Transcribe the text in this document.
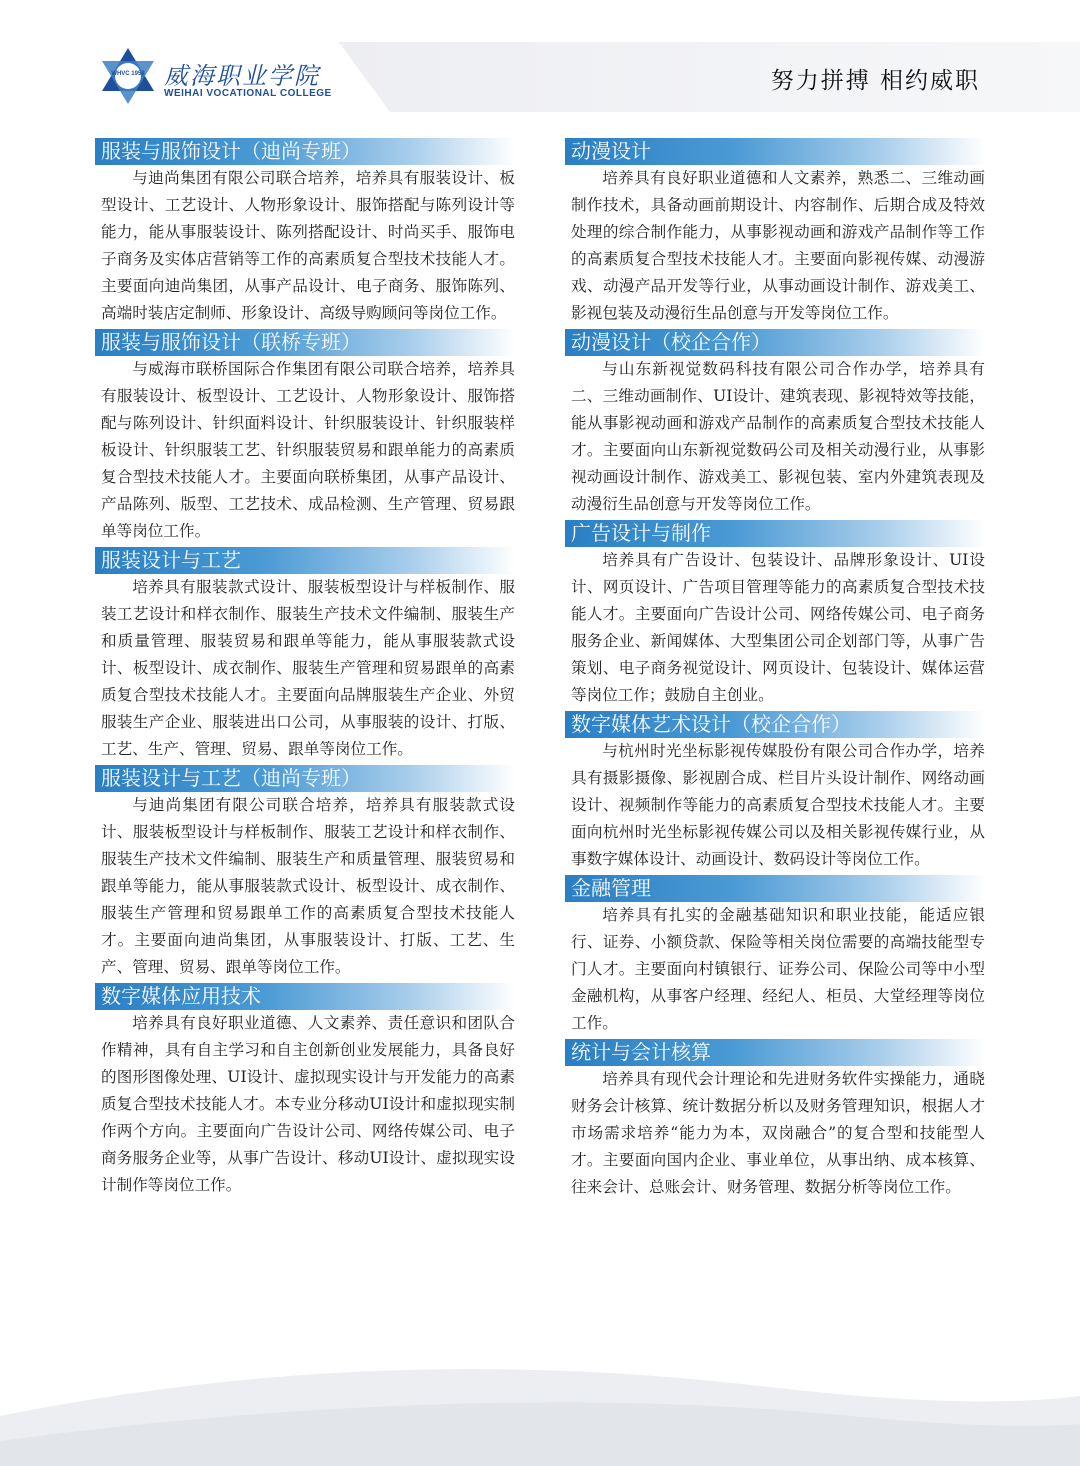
WHVC 1958 威海职业学院
WEIHAI VOCATIONAL COLLEGE	努力拼搏 相约威职
服装与服饰设计（迪尚专班）
与迪尚集团有限公司联合培养，培养具有服装设计、板型设计、工艺设计、人物形象设计、服饰搭配与陈列设计等能力，能从事服装设计、陈列搭配设计、时尚买手、服饰电子商务及实体店营销等工作的高素质复合型技术技能人才。主要面向迪尚集团，从事产品设计、电子商务、服饰陈列、高端时装店定制师、形象设计、高级导购顾问等岗位工作。
服装与服饰设计（联桥专班）
与威海市联桥国际合作集团有限公司联合培养，培养具有服装设计、板型设计、工艺设计、人物形象设计、服饰搭配与陈列设计、针织面料设计、针织服装设计、针织服装样板设计、针织服装工艺、针织服装贸易和跟单能力的高素质复合型技术技能人才。主要面向联桥集团，从事产品设计、产品陈列、版型、工艺技术、成品检测、生产管理、贸易跟单等岗位工作。
服装设计与工艺
培养具有服装款式设计、服装板型设计与样板制作、服装工艺设计和样衣制作、服装生产技术文件编制、服装生产和质量管理、服装贸易和跟单等能力，能从事服装款式设计、板型设计、成衣制作、服装生产管理和贸易跟单的高素质复合型技术技能人才。主要面向品牌服装生产企业、外贸服装生产企业、服装进出口公司，从事服装的设计、打版、工艺、生产、管理、贸易、跟单等岗位工作。
服装设计与工艺（迪尚专班）
与迪尚集团有限公司联合培养，培养具有服装款式设计、服装板型设计与样板制作、服装工艺设计和样衣制作、服装生产技术文件编制、服装生产和质量管理、服装贸易和跟单等能力，能从事服装款式设计、板型设计、成衣制作、服装生产管理和贸易跟单工作的高素质复合型技术技能人才。主要面向迪尚集团，从事服装设计、打版、工艺、生产、管理、贸易、跟单等岗位工作。
数字媒体应用技术
培养具有良好职业道德、人文素养、责任意识和团队合作精神，具有自主学习和自主创新创业发展能力，具备良好的图形图像处理、UI设计、虚拟现实设计与开发能力的高素质复合型技术技能人才。本专业分移动UI设计和虚拟现实制作两个方向。主要面向广告设计公司、网络传媒公司、电子商务服务企业等，从事广告设计、移动UI设计、虚拟现实设计制作等岗位工作。
动漫设计
培养具有良好职业道德和人文素养，熟悉二、三维动画制作技术，具备动画前期设计、内容制作、后期合成及特效处理的综合制作能力，从事影视动画和游戏产品制作等工作的高素质复合型技术技能人才。主要面向影视传媒、动漫游戏、动漫产品开发等行业，从事动画设计制作、游戏美工、影视包装及动漫衍生品创意与开发等岗位工作。
动漫设计（校企合作）
与山东新视觉数码科技有限公司合作办学，培养具有二、三维动画制作、UI设计、建筑表现、影视特效等技能，能从事影视动画和游戏产品制作的高素质复合型技术技能人才。主要面向山东新视觉数码公司及相关动漫行业，从事影视动画设计制作、游戏美工、影视包装、室内外建筑表现及动漫衍生品创意与开发等岗位工作。
广告设计与制作
培养具有广告设计、包装设计、品牌形象设计、UI设计、网页设计、广告项目管理等能力的高素质复合型技术技能人才。主要面向广告设计公司、网络传媒公司、电子商务服务企业、新闻媒体、大型集团公司企划部门等，从事广告策划、电子商务视觉设计、网页设计、包装设计、媒体运营等岗位工作；鼓励自主创业。
数字媒体艺术设计（校企合作）
与杭州时光坐标影视传媒股份有限公司合作办学，培养具有摄影摄像、影视剧合成、栏目片头设计制作、网络动画设计、视频制作等能力的高素质复合型技术技能人才。主要面向杭州时光坐标影视传媒公司以及相关影视传媒行业，从事数字媒体设计、动画设计、数码设计等岗位工作。
金融管理
培养具有扎实的金融基础知识和职业技能，能适应银行、证券、小额贷款、保险等相关岗位需要的高端技能型专门人才。主要面向村镇银行、证券公司、保险公司等中小型金融机构，从事客户经理、经纪人、柜员、大堂经理等岗位工作。
统计与会计核算
培养具有现代会计理论和先进财务软件实操能力，通晓财务会计核算、统计数据分析以及财务管理知识，根据人才市场需求培养“能力为本，双岗融合”的复合型和技能型人才。主要面向国内企业、事业单位，从事出纳、成本核算、往来会计、总账会计、财务管理、数据分析等岗位工作。
